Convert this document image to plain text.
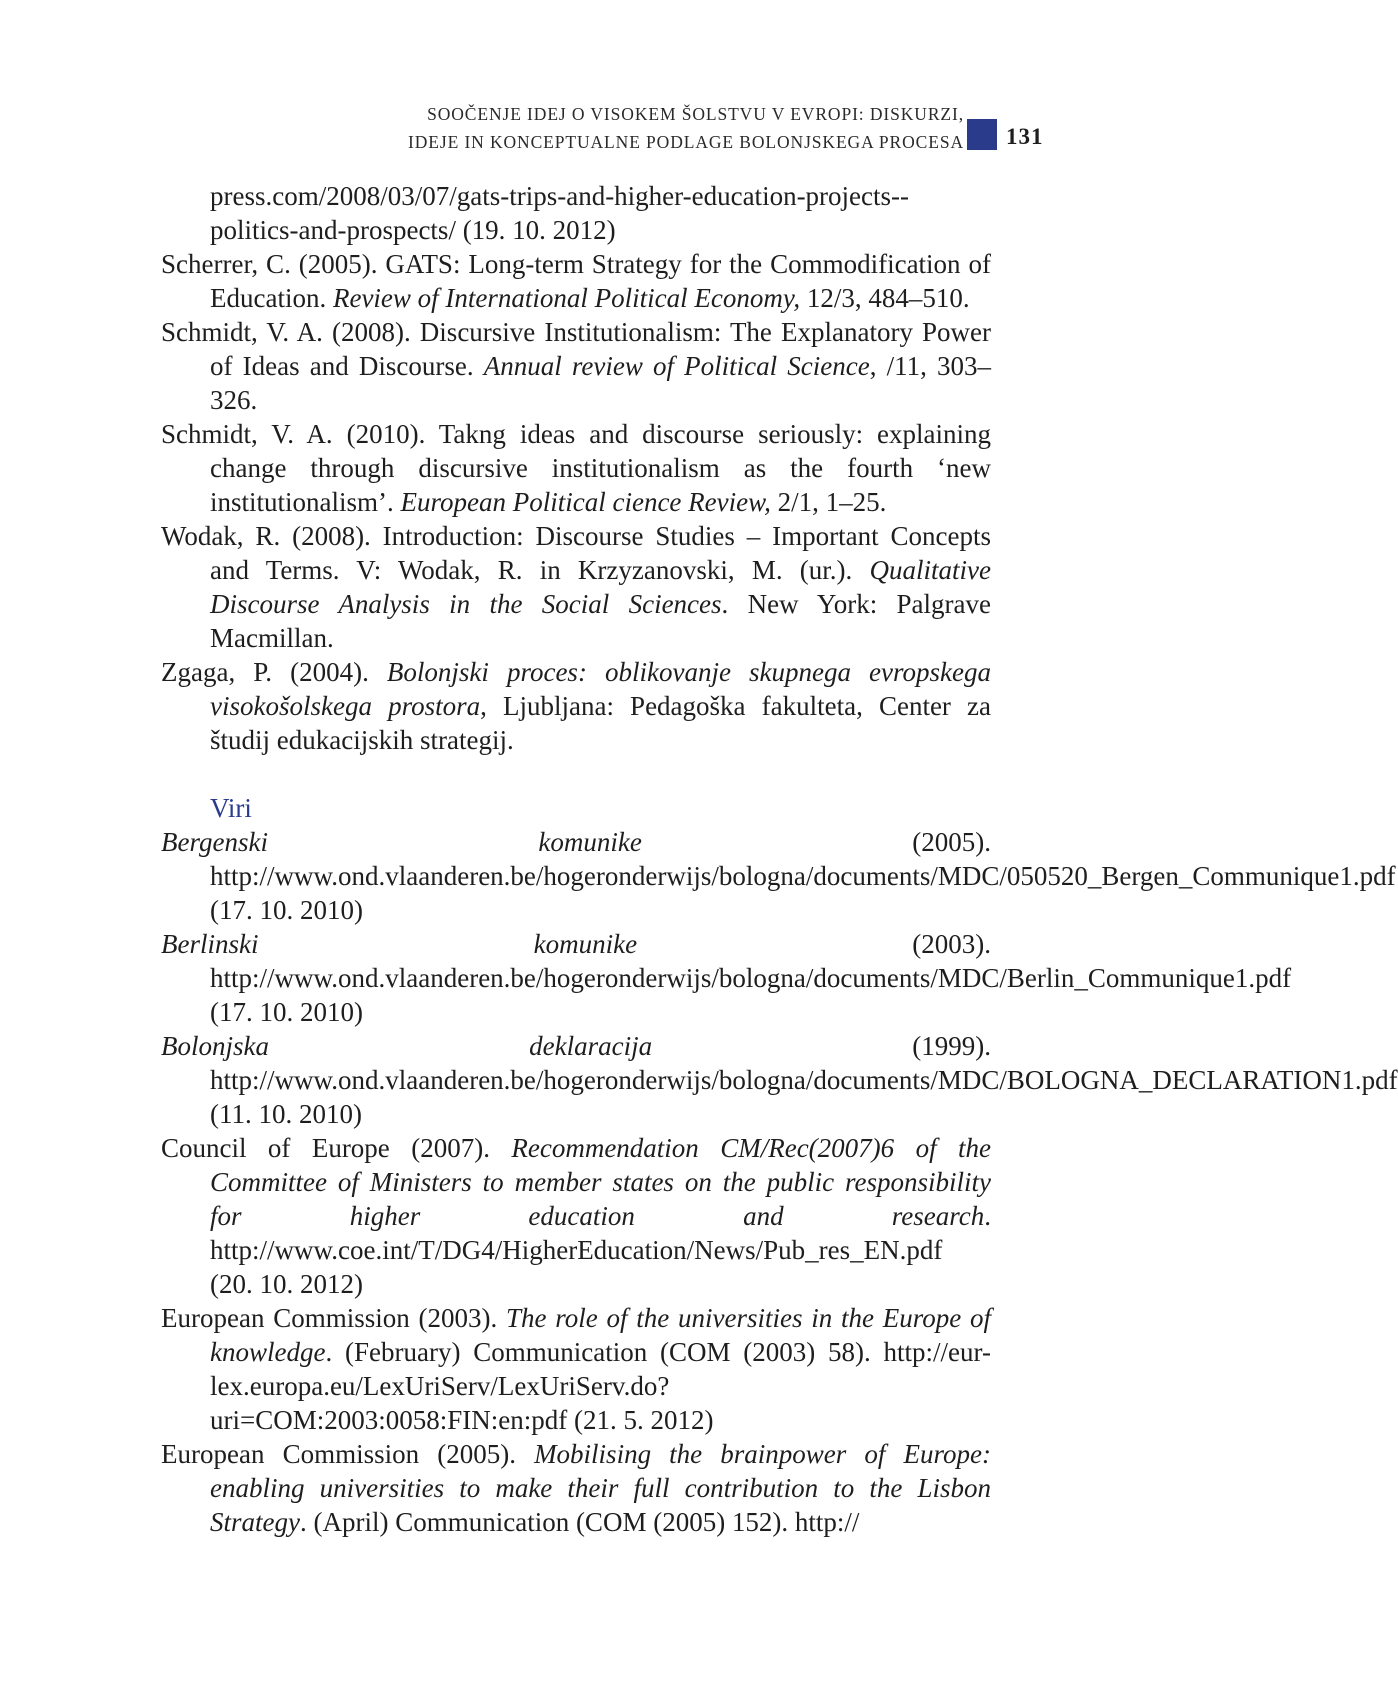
SOOČENJE IDEJ O VISOKEM ŠOLSTVU V EVROPI: DISKURZI,
IDEJE IN KONCEPTUALNE PODLAGE BOLONJSKEGA PROCESA 131
press.com/2008/03/07/gats-trips-and-higher-education-projects--politics-and-prospects/ (19. 10. 2012)
Scherrer, C. (2005). GATS: Long-term Strategy for the Commodification of Education. Review of International Political Economy, 12/3, 484–510.
Schmidt, V. A. (2008). Discursive Institutionalism: The Explanatory Power of Ideas and Discourse. Annual review of Political Science, /11, 303–326.
Schmidt, V. A. (2010). Takng ideas and discourse seriously: explaining change through discursive institutionalism as the fourth ‘new institutionalism’. European Political cience Review, 2/1, 1–25.
Wodak, R. (2008). Introduction: Discourse Studies – Important Concepts and Terms. V: Wodak, R. in Krzyzanovski, M. (ur.). Qualitative Discourse Analysis in the Social Sciences. New York: Palgrave Macmillan.
Zgaga, P. (2004). Bolonjski proces: oblikovanje skupnega evropskega visokošolskega prostora, Ljubljana: Pedagoška fakulteta, Center za študij edukacijskih strategij.
Viri
Bergenski komunike (2005). http://www.ond.vlaanderen.be/hogeronderwijs/bologna/documents/MDC/050520_Bergen_Communique1.pdf (17. 10. 2010)
Berlinski komunike (2003). http://www.ond.vlaanderen.be/hogeronderwijs/bologna/documents/MDC/Berlin_Communique1.pdf (17. 10. 2010)
Bolonjska deklaracija (1999). http://www.ond.vlaanderen.be/hogeronderwijs/bologna/documents/MDC/BOLOGNA_DECLARATION1.pdf (11. 10. 2010)
Council of Europe (2007). Recommendation CM/Rec(2007)6 of the Committee of Ministers to member states on the public responsibility for higher education and research. http://www.coe.int/T/DG4/HigherEducation/News/Pub_res_EN.pdf (20. 10. 2012)
European Commission (2003). The role of the universities in the Europe of knowledge. (February) Communication (COM (2003) 58). http://eur-lex.europa.eu/LexUriServ/LexUriServ.do?uri=COM:2003:0058:FIN:en:pdf (21. 5. 2012)
European Commission (2005). Mobilising the brainpower of Europe: enabling universities to make their full contribution to the Lisbon Strategy. (April) Communication (COM (2005) 152). http://
